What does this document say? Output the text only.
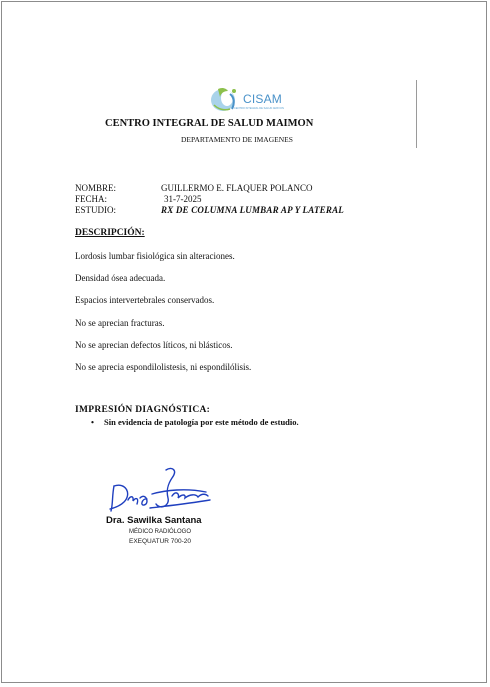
CISAM
CENTRO INTEGRAL DE SALUD AMAYON
CENTRO INTEGRAL DE SALUD MAIMON
DEPARTAMENTO DE IMAGENES
NOMBRE:	GUILLERMO E. FLAQUER POLANCO
FECHA:	31-7-2025
ESTUDIO:	RX DE COLUMNA LUMBAR AP Y LATERAL
DESCRIPCIÓN:
Lordosis lumbar fisiológica sin alteraciones.
Densidad ósea adecuada.
Espacios intervertebrales conservados.
No se aprecian fracturas.
No se aprecian defectos líticos, ni blásticos.
No se aprecia espondilolistesis, ni espondilólisis.
IMPRESIÓN DIAGNÓSTICA:
• Sin evidencia de patología por este método de estudio.
Dra. Sawilka Santana
MÉDICO RADIÓLOGO
EXEQUATUR 700-20
